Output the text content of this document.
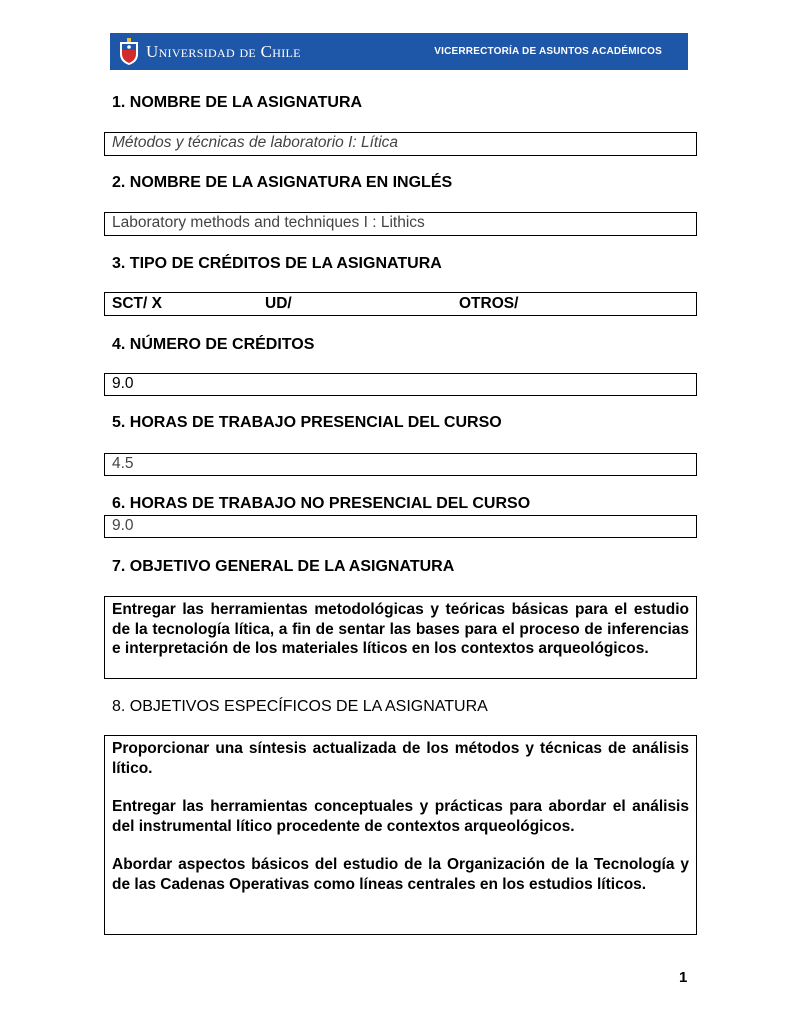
Universidad de Chile	VICERRECTORÍA DE ASUNTOS ACADÉMICOS
1. NOMBRE DE LA ASIGNATURA
Métodos y técnicas de laboratorio I: Lítica
2. NOMBRE DE LA ASIGNATURA EN INGLÉS
Laboratory methods and techniques I : Lithics
3. TIPO DE CRÉDITOS DE LA ASIGNATURA
SCT/ X	UD/	OTROS/
4. NÚMERO DE CRÉDITOS
9.0
5. HORAS DE TRABAJO PRESENCIAL DEL CURSO
4.5
6. HORAS DE TRABAJO NO PRESENCIAL DEL CURSO
9.0
7. OBJETIVO GENERAL DE LA ASIGNATURA

Entregar las herramientas metodológicas y teóricas básicas para el estudio de la tecnología lítica, a fin de sentar las bases para el proceso de inferencias e interpretación de los materiales líticos en los contextos arqueológicos.

8. OBJETIVOS ESPECÍFICOS DE LA ASIGNATURA

Proporcionar una síntesis actualizada de los métodos y técnicas de análisis lítico.

Entregar las herramientas conceptuales y prácticas para abordar el análisis del instrumental lítico procedente de contextos arqueológicos.

Abordar aspectos básicos del estudio de la Organización de la Tecnología y de las Cadenas Operativas como líneas centrales en los estudios líticos.

1
